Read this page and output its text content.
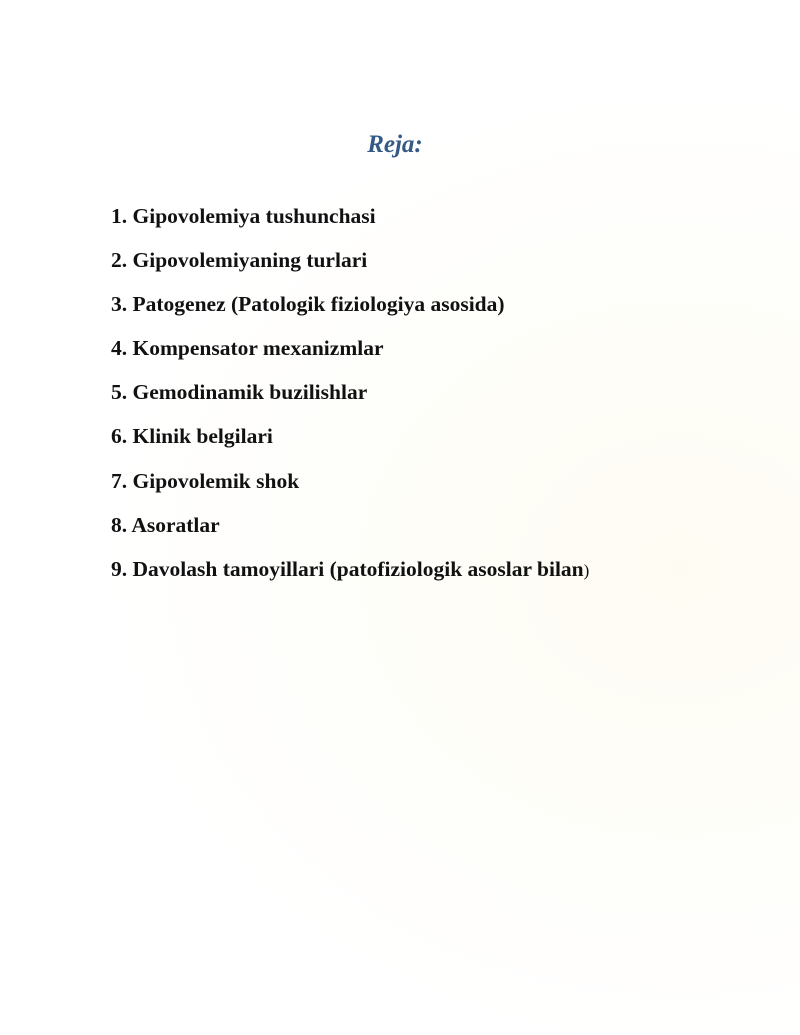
Reja:
1. Gipovolemiya tushunchasi
2. Gipovolemiyaning turlari
3. Patogenez (Patologik fiziologiya asosida)
4. Kompensator mexanizmlar
5. Gemodinamik buzilishlar
6. Klinik belgilari
7. Gipovolemik shok
8. Asoratlar
9. Davolash tamoyillari (patofiziologik asoslar bilan)
